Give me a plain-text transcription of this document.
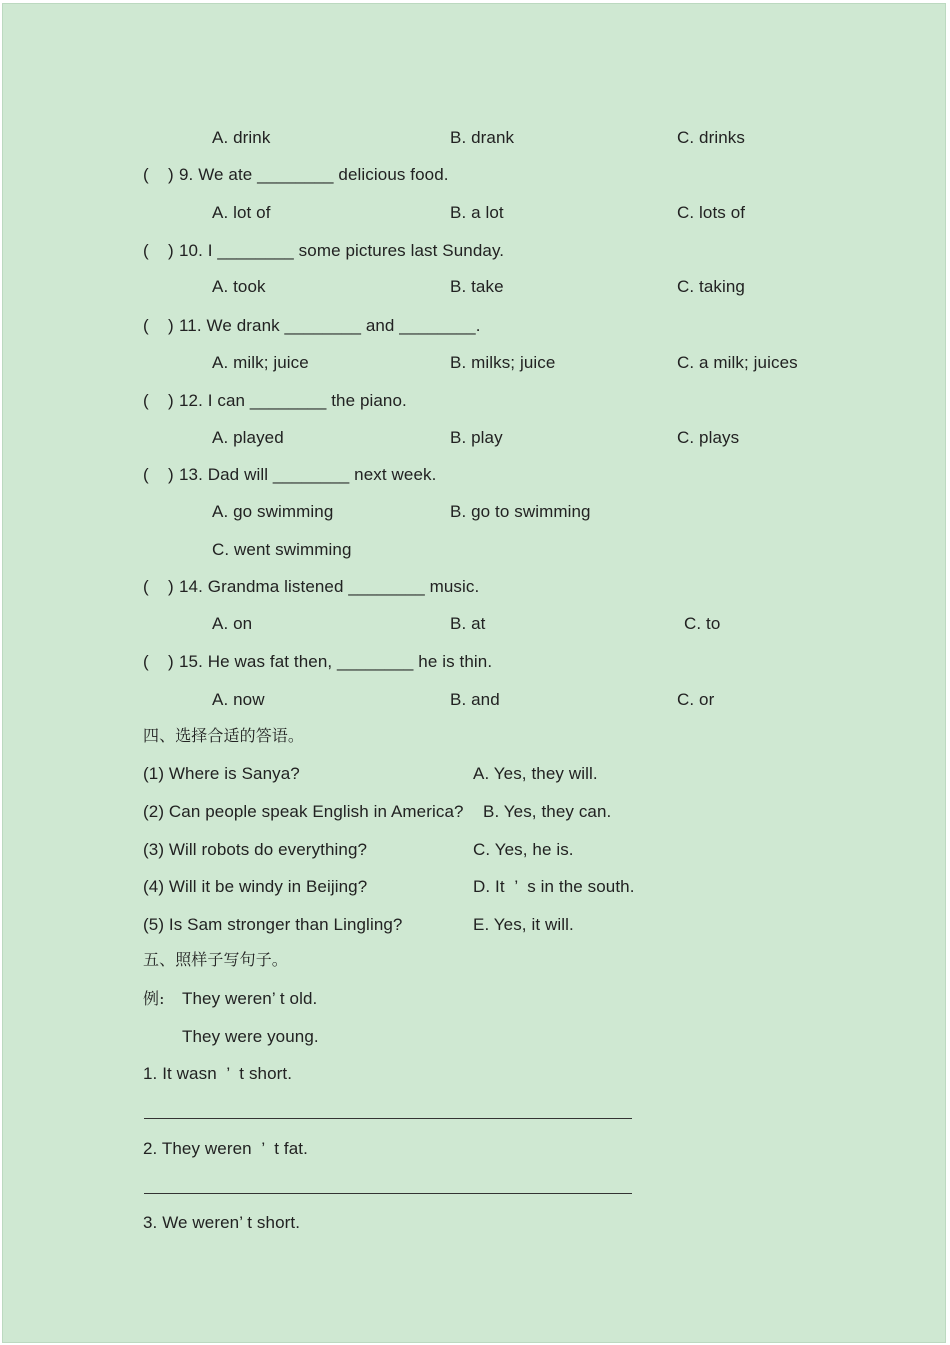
A. drink	B. drank	C. drinks
(    ) 9. We ate ________ delicious food.
A. lot of	B. a lot	C. lots of
(    ) 10. I ________ some pictures last Sunday.
A. took	B. take	C. taking
(    ) 11. We drank ________ and ________.
A. milk; juice	B. milks; juice	C. a milk; juices
(    ) 12. I can ________ the piano.
A. played	B. play	C. plays
(    ) 13. Dad will ________ next week.
A. go swimming	B. go to swimming
C. went swimming
(    ) 14. Grandma listened ________ music.
A. on	B. at	C. to
(    ) 15. He was fat then, ________ he is thin.
A. now	B. and	C. or
四、选择合适的答语。
(1) Where is Sanya?	A. Yes, they will.
(2) Can people speak English in America? B. Yes, they can.
(3) Will robots do everything?	C. Yes, he is.
(4) Will it be windy in Beijing?	D. It  ’  s in the south.
(5) Is Sam stronger than Lingling?	E. Yes, it will.
五、照样子写句子。
例: They weren’ t old.
They were young.
1. It wasn  ’  t short.
2. They weren  ’  t fat.
3. We weren’ t short.
